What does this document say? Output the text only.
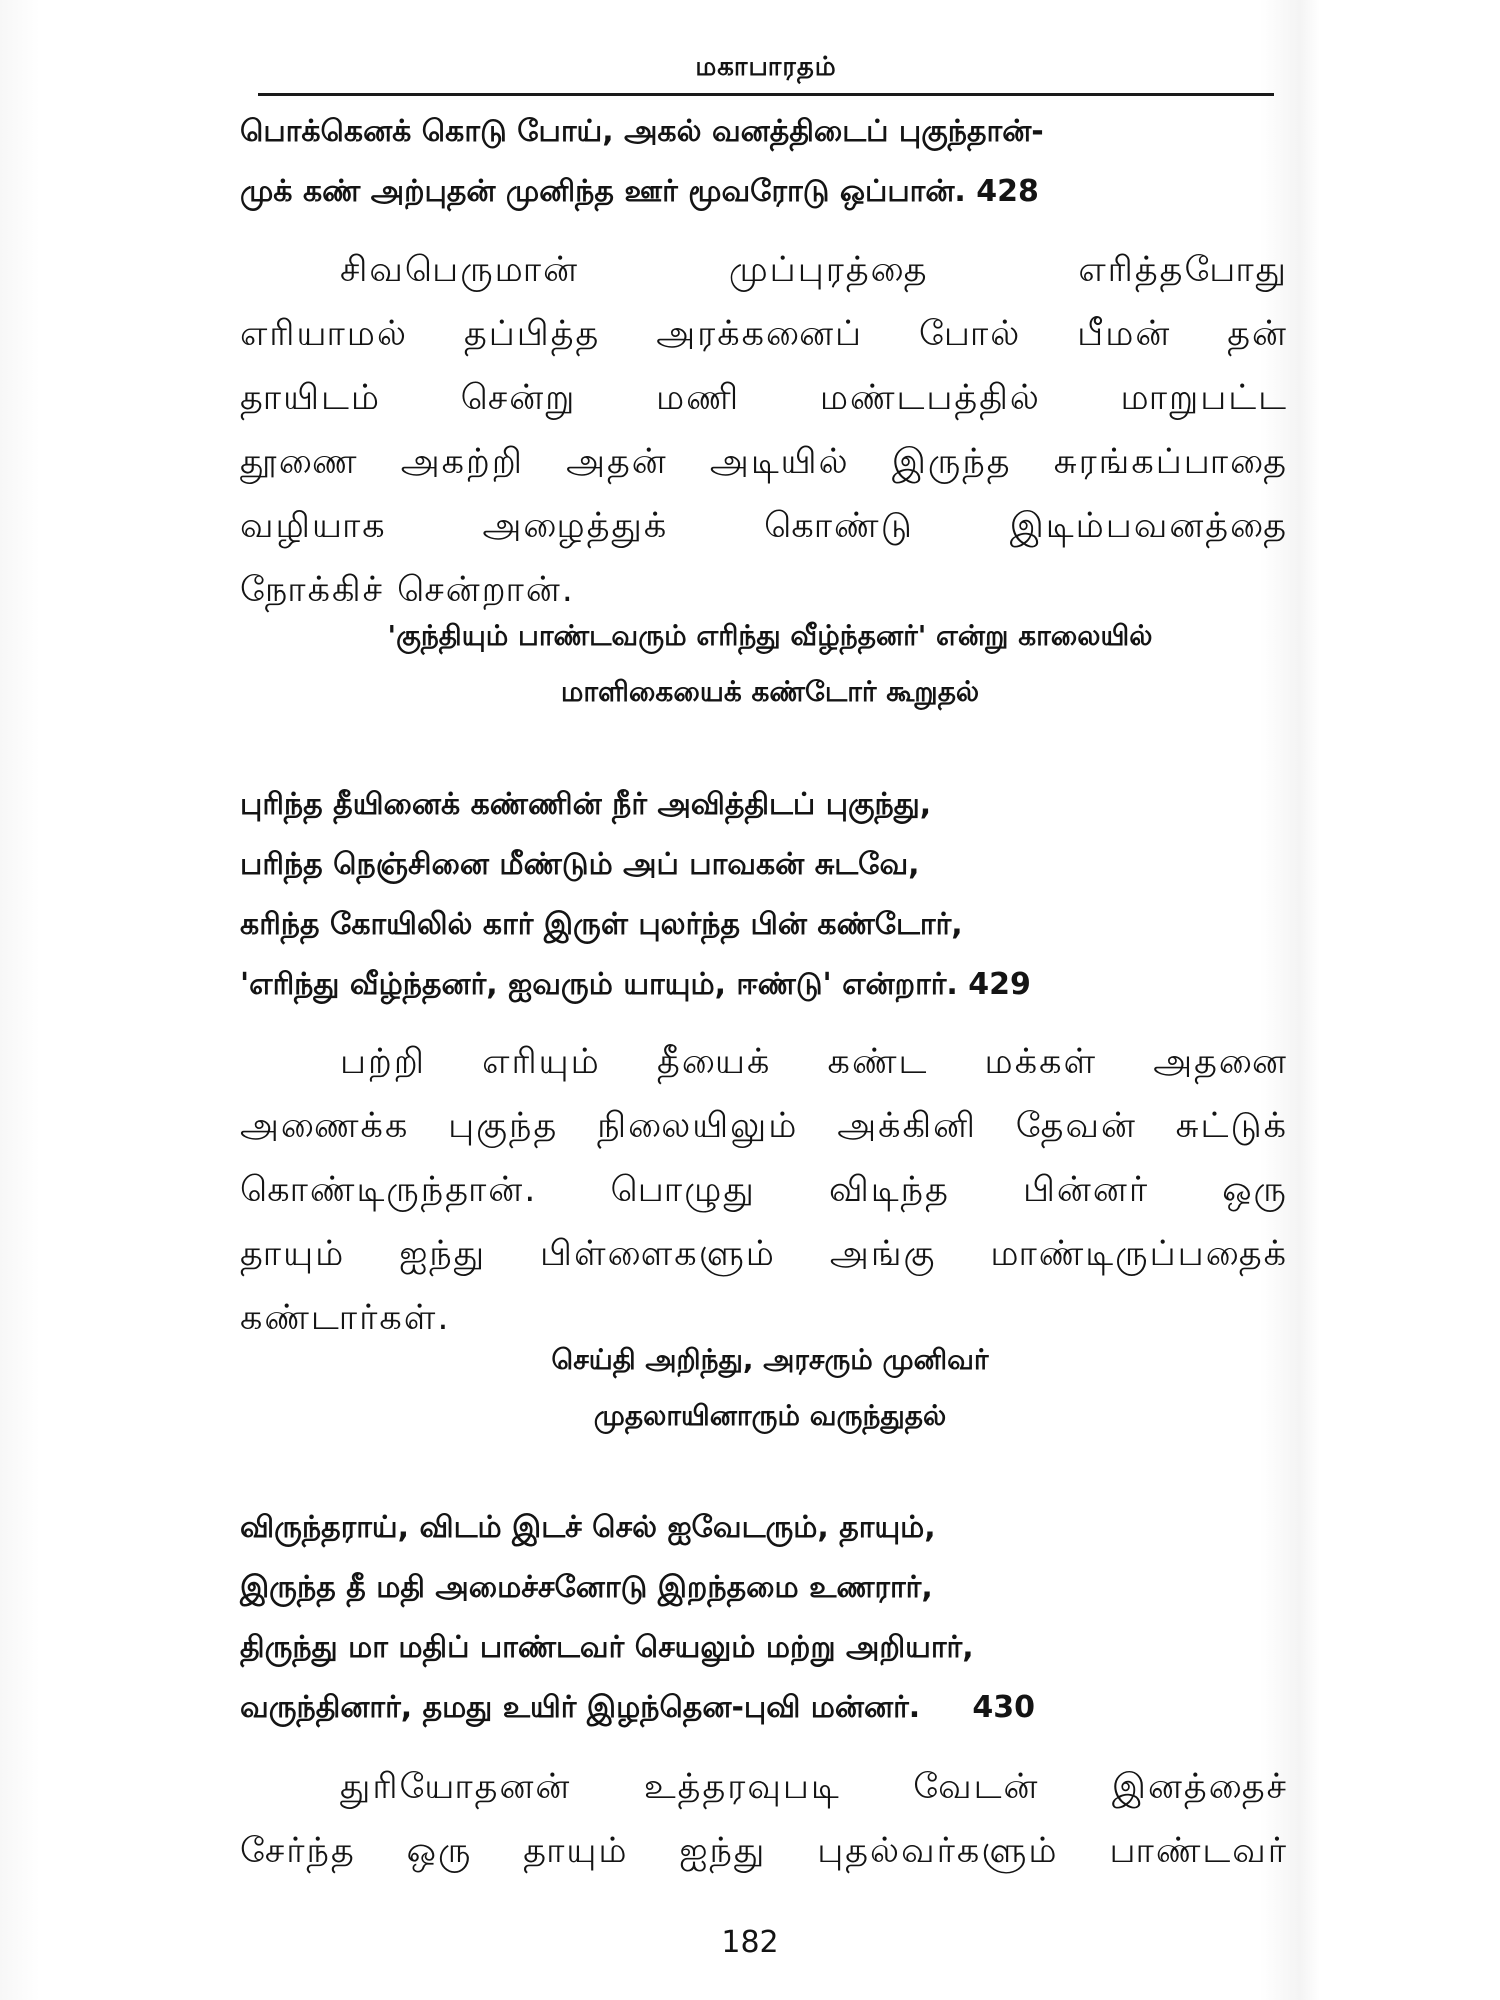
மகாபாரதம்
பொக்கெனக் கொடு போய், அகல் வனத்திடைப் புகுந்தான்-
முக் கண் அற்புதன் முனிந்த ஊர் மூவரோடு ஒப்பான். 428
சிவபெருமான் முப்புரத்தை எரித்தபோது
எரியாமல் தப்பித்த அரக்கனைப் போல் பீமன் தன்
தாயிடம் சென்று மணி மண்டபத்தில் மாறுபட்ட
தூணை அகற்றி அதன் அடியில் இருந்த சுரங்கப்பாதை
வழியாக அழைத்துக் கொண்டு இடிம்பவனத்தை
நோக்கிச் சென்றான்.
'குந்தியும் பாண்டவரும் எரிந்து வீழ்ந்தனர்' என்று காலையில்
மாளிகையைக் கண்டோர் கூறுதல்
புரிந்த தீயினைக் கண்ணின் நீர் அவித்திடப் புகுந்து,
பரிந்த நெஞ்சினை மீண்டும் அப் பாவகன் சுடவே,
கரிந்த கோயிலில் கார் இருள் புலர்ந்த பின் கண்டோர்,
'எரிந்து வீழ்ந்தனர், ஐவரும் யாயும், ஈண்டு' என்றார். 429
பற்றி எரியும் தீயைக் கண்ட மக்கள் அதனை
அணைக்க புகுந்த நிலையிலும் அக்கினி தேவன் சுட்டுக்
கொண்டிருந்தான். பொழுது விடிந்த பின்னர் ஒரு
தாயும் ஐந்து பிள்ளைகளும் அங்கு மாண்டிருப்பதைக்
கண்டார்கள்.
செய்தி அறிந்து, அரசரும் முனிவர்
முதலாயினாரும் வருந்துதல்
விருந்தராய், விடம் இடச் செல் ஐவேடரும், தாயும்,
இருந்த தீ மதி அமைச்சனோடு இறந்தமை உணரார்,
திருந்து மா மதிப் பாண்டவர் செயலும் மற்று அறியார்,
வருந்தினார், தமது உயிர் இழந்தென-புவி மன்னர்.     430
துரியோதனன் உத்தரவுபடி வேடன் இனத்தைச்
சேர்ந்த ஒரு தாயும் ஐந்து புதல்வர்களும் பாண்டவர்
182
